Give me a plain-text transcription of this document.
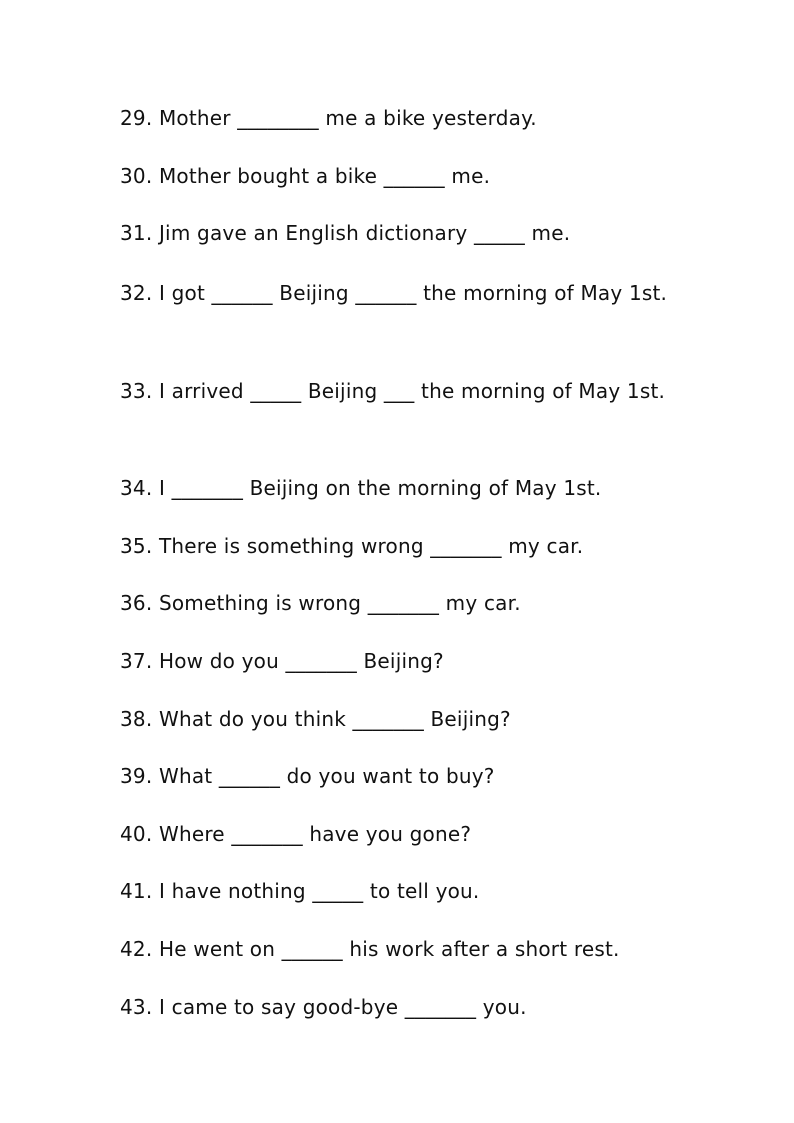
29. Mother ________ me a bike yesterday.
30. Mother bought a bike ______ me.
31. Jim gave an English dictionary _____ me.
32. I got ______ Beijing ______ the morning of May 1st.
33. I arrived _____ Beijing ___ the morning of May 1st.
34. I _______ Beijing on the morning of May 1st.
35. There is something wrong _______ my car.
36. Something is wrong _______ my car.
37. How do you _______ Beijing?
38. What do you think _______ Beijing?
39. What ______ do you want to buy?
40. Where _______ have you gone?
41. I have nothing _____ to tell you.
42. He went on ______ his work after a short rest.
43. I came to say good-bye _______ you.
